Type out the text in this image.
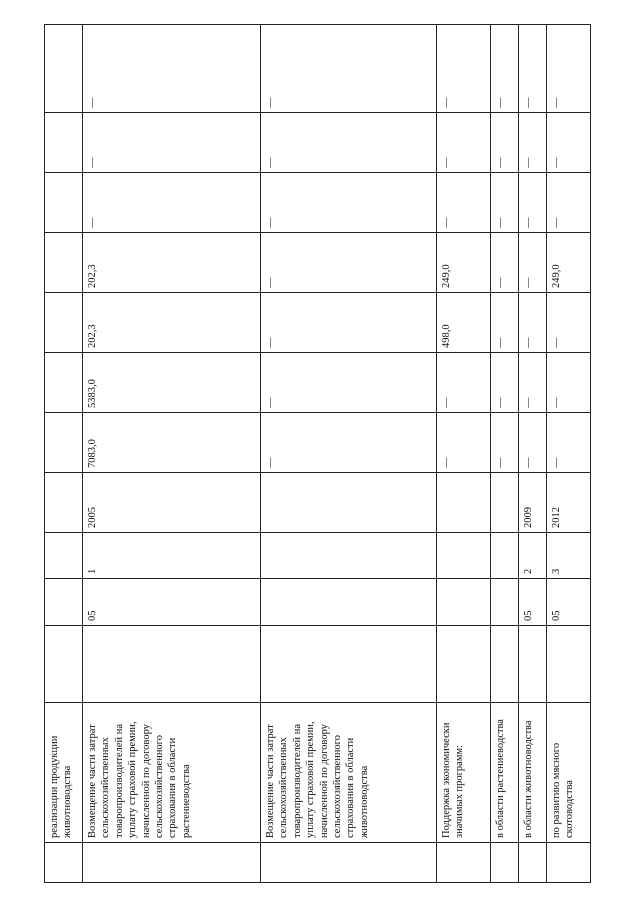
	реализации продукции животноводства											
	Возмещение части затрат сельскохозяйственных товаропроизводителей на уплату страховой премии, начисленной по договору сельскохозяйственного страхования в области растениеводства		05	1	2005	7083,0	5383,0	202,3	202,3	—	—	—
	Возмещение части затрат сельскохозяйственных товаропроизводителей на уплату страховой премии, начисленной по договору сельскохозяйственного страхования в области животноводства					—	—	—	—	—	—	—
	Поддержка экономически значимых программ:					—	—	498,0	249,0	—	—	—
	в области растениеводства					—	—	—	—	—	—	—
	в области животноводства		05	2	2009	—	—	—	—	—	—	—
	по развитию мясного скотоводства		05	3	2012	—	—	—	249,0	—	—	—
